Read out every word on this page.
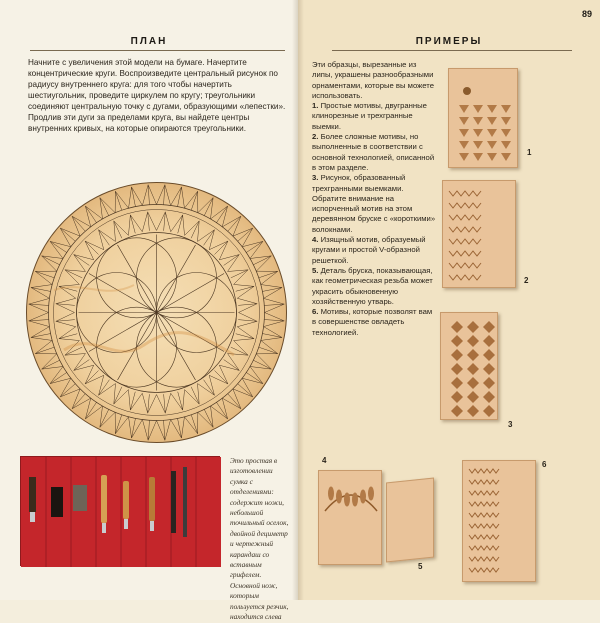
ПЛАН
Начните с увеличения этой модели на бумаге. Начертите концентрические круги. Воспроизведите центральный рисунок по радиусу внутреннего круга: для того чтобы начертить шестиугольник, проведите циркулем по кругу; треугольники соединяют центральную точку с дугами, образующими «лепестки». Продлив эти дуги за пределами круга, вы найдете центры внутренних кривых, на которые опираются треугольники.
Это простая в изготовлении сумка с отделениями: содержит ножи, небольшой точильный оселок, двойной дециметр и чертежный карандаш со вставным грифелем. Основной нож, которым пользуется резчик, находится слева
89
ПРИМЕРЫ

Эти образцы, вырезанные из липы, украшены разнообразными орнаментами, которые вы можете использовать.

1. Простые мотивы, двугранные клинорезные и трехгранные выемки.

2. Более сложные мотивы, но выполненные в соответствии с основной технологией, описанной в этом разделе.

3. Рисунок, образованный трехгранными выемками. Обратите внимание на испорченный мотив на этом деревянном бруске с «короткими» волокнами.

4. Изящный мотив, образуемый кругами и простой V-образной решеткой.

5. Деталь бруска, показывающая, как геометрическая резьба может украсить обыкновенную хозяйственную утварь.

6. Мотивы, которые позволят вам в совершенстве овладеть технологией.

1
2
3
4
5
6
